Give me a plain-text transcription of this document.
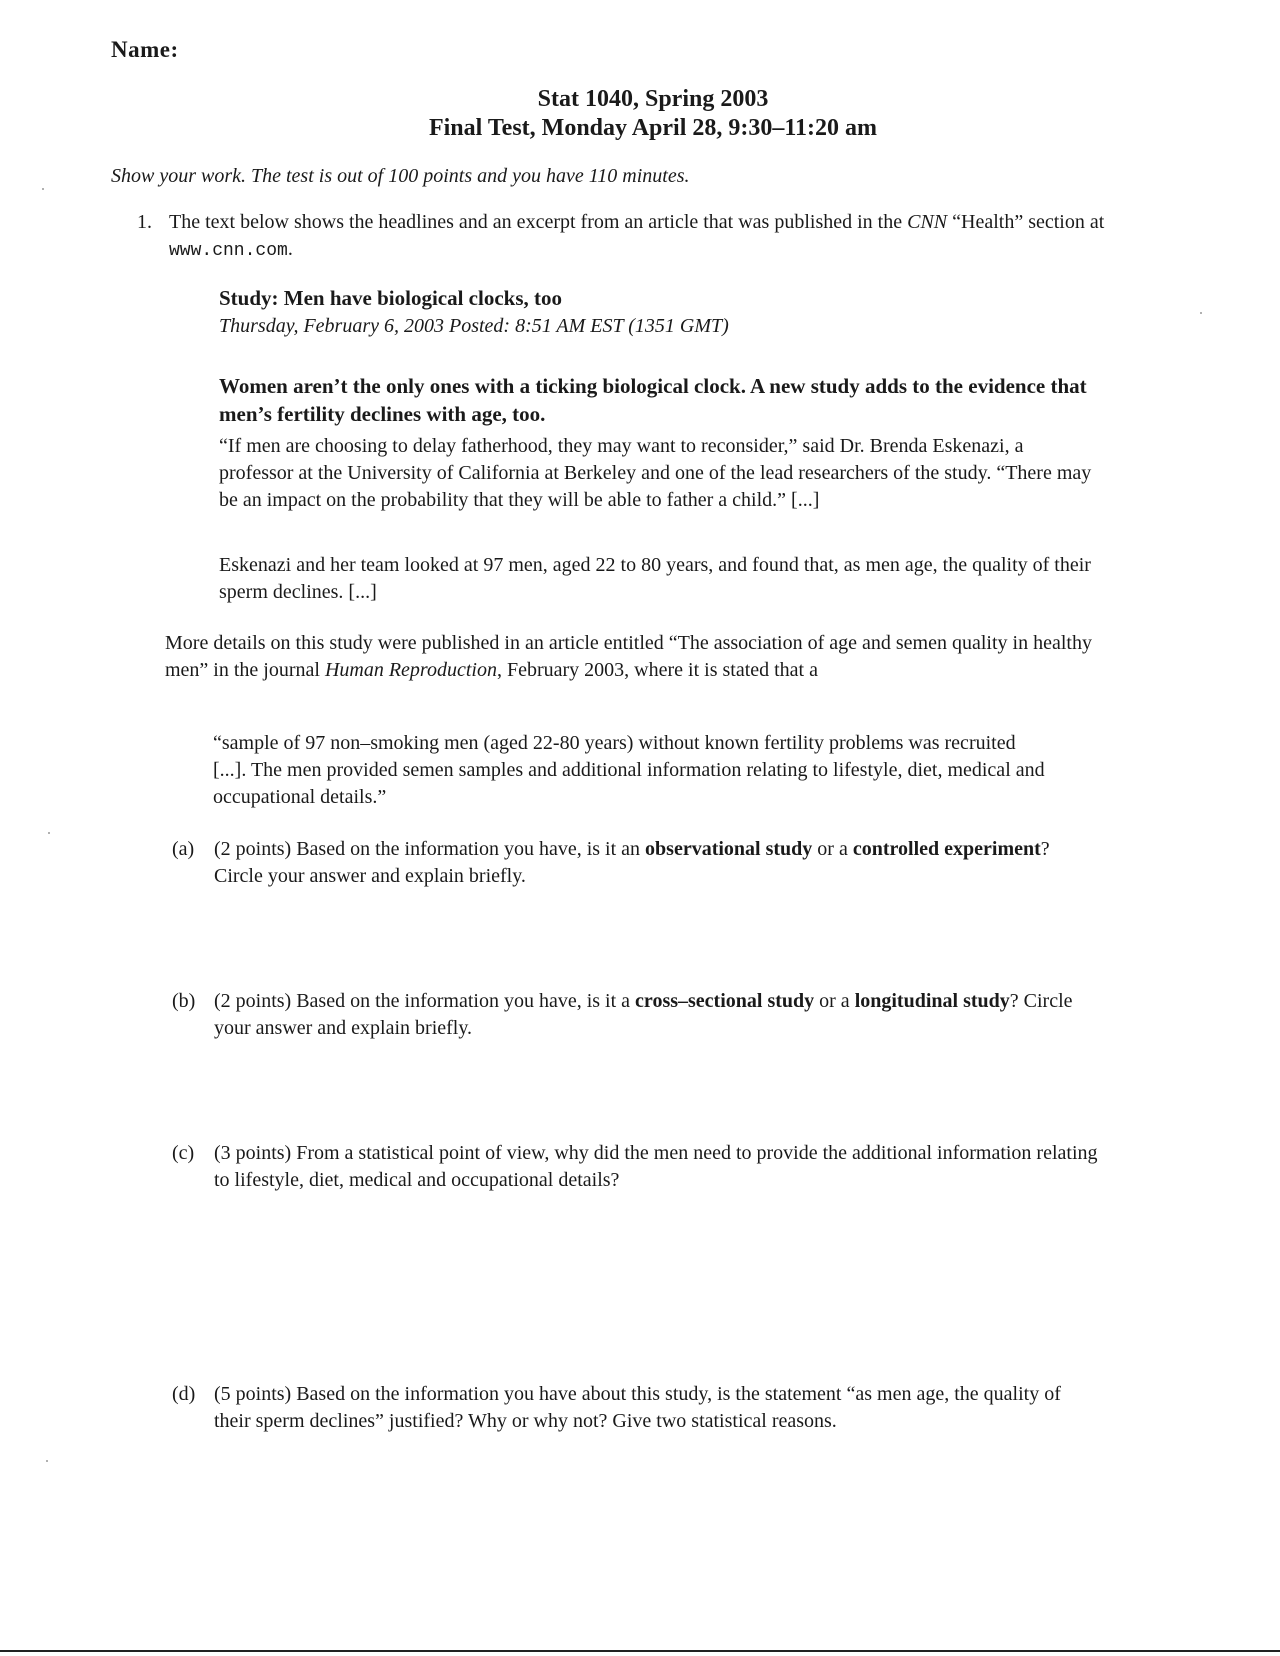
Name:
Stat 1040, Spring 2003
Final Test, Monday April 28, 9:30–11:20 am
Show your work. The test is out of 100 points and you have 110 minutes.
1. The text below shows the headlines and an excerpt from an article that was published in the CNN “Health” section at www.cnn.com.
Study: Men have biological clocks, too
Thursday, February 6, 2003 Posted: 8:51 AM EST (1351 GMT)
Women aren’t the only ones with a ticking biological clock. A new study adds to the evidence that men’s fertility declines with age, too.
“If men are choosing to delay fatherhood, they may want to reconsider,” said Dr. Brenda Eskenazi, a professor at the University of California at Berkeley and one of the lead researchers of the study. “There may be an impact on the probability that they will be able to father a child.” [...]
Eskenazi and her team looked at 97 men, aged 22 to 80 years, and found that, as men age, the quality of their sperm declines. [...]
More details on this study were published in an article entitled “The association of age and semen quality in healthy men” in the journal Human Reproduction, February 2003, where it is stated that a
“sample of 97 non–smoking men (aged 22-80 years) without known fertility problems was recruited [...]. The men provided semen samples and additional information relating to lifestyle, diet, medical and occupational details.”
(a) (2 points) Based on the information you have, is it an observational study or a controlled experiment? Circle your answer and explain briefly.
(b) (2 points) Based on the information you have, is it a cross–sectional study or a longitudinal study? Circle your answer and explain briefly.
(c) (3 points) From a statistical point of view, why did the men need to provide the additional information relating to lifestyle, diet, medical and occupational details?
(d) (5 points) Based on the information you have about this study, is the statement “as men age, the quality of their sperm declines” justified? Why or why not? Give two statistical reasons.
